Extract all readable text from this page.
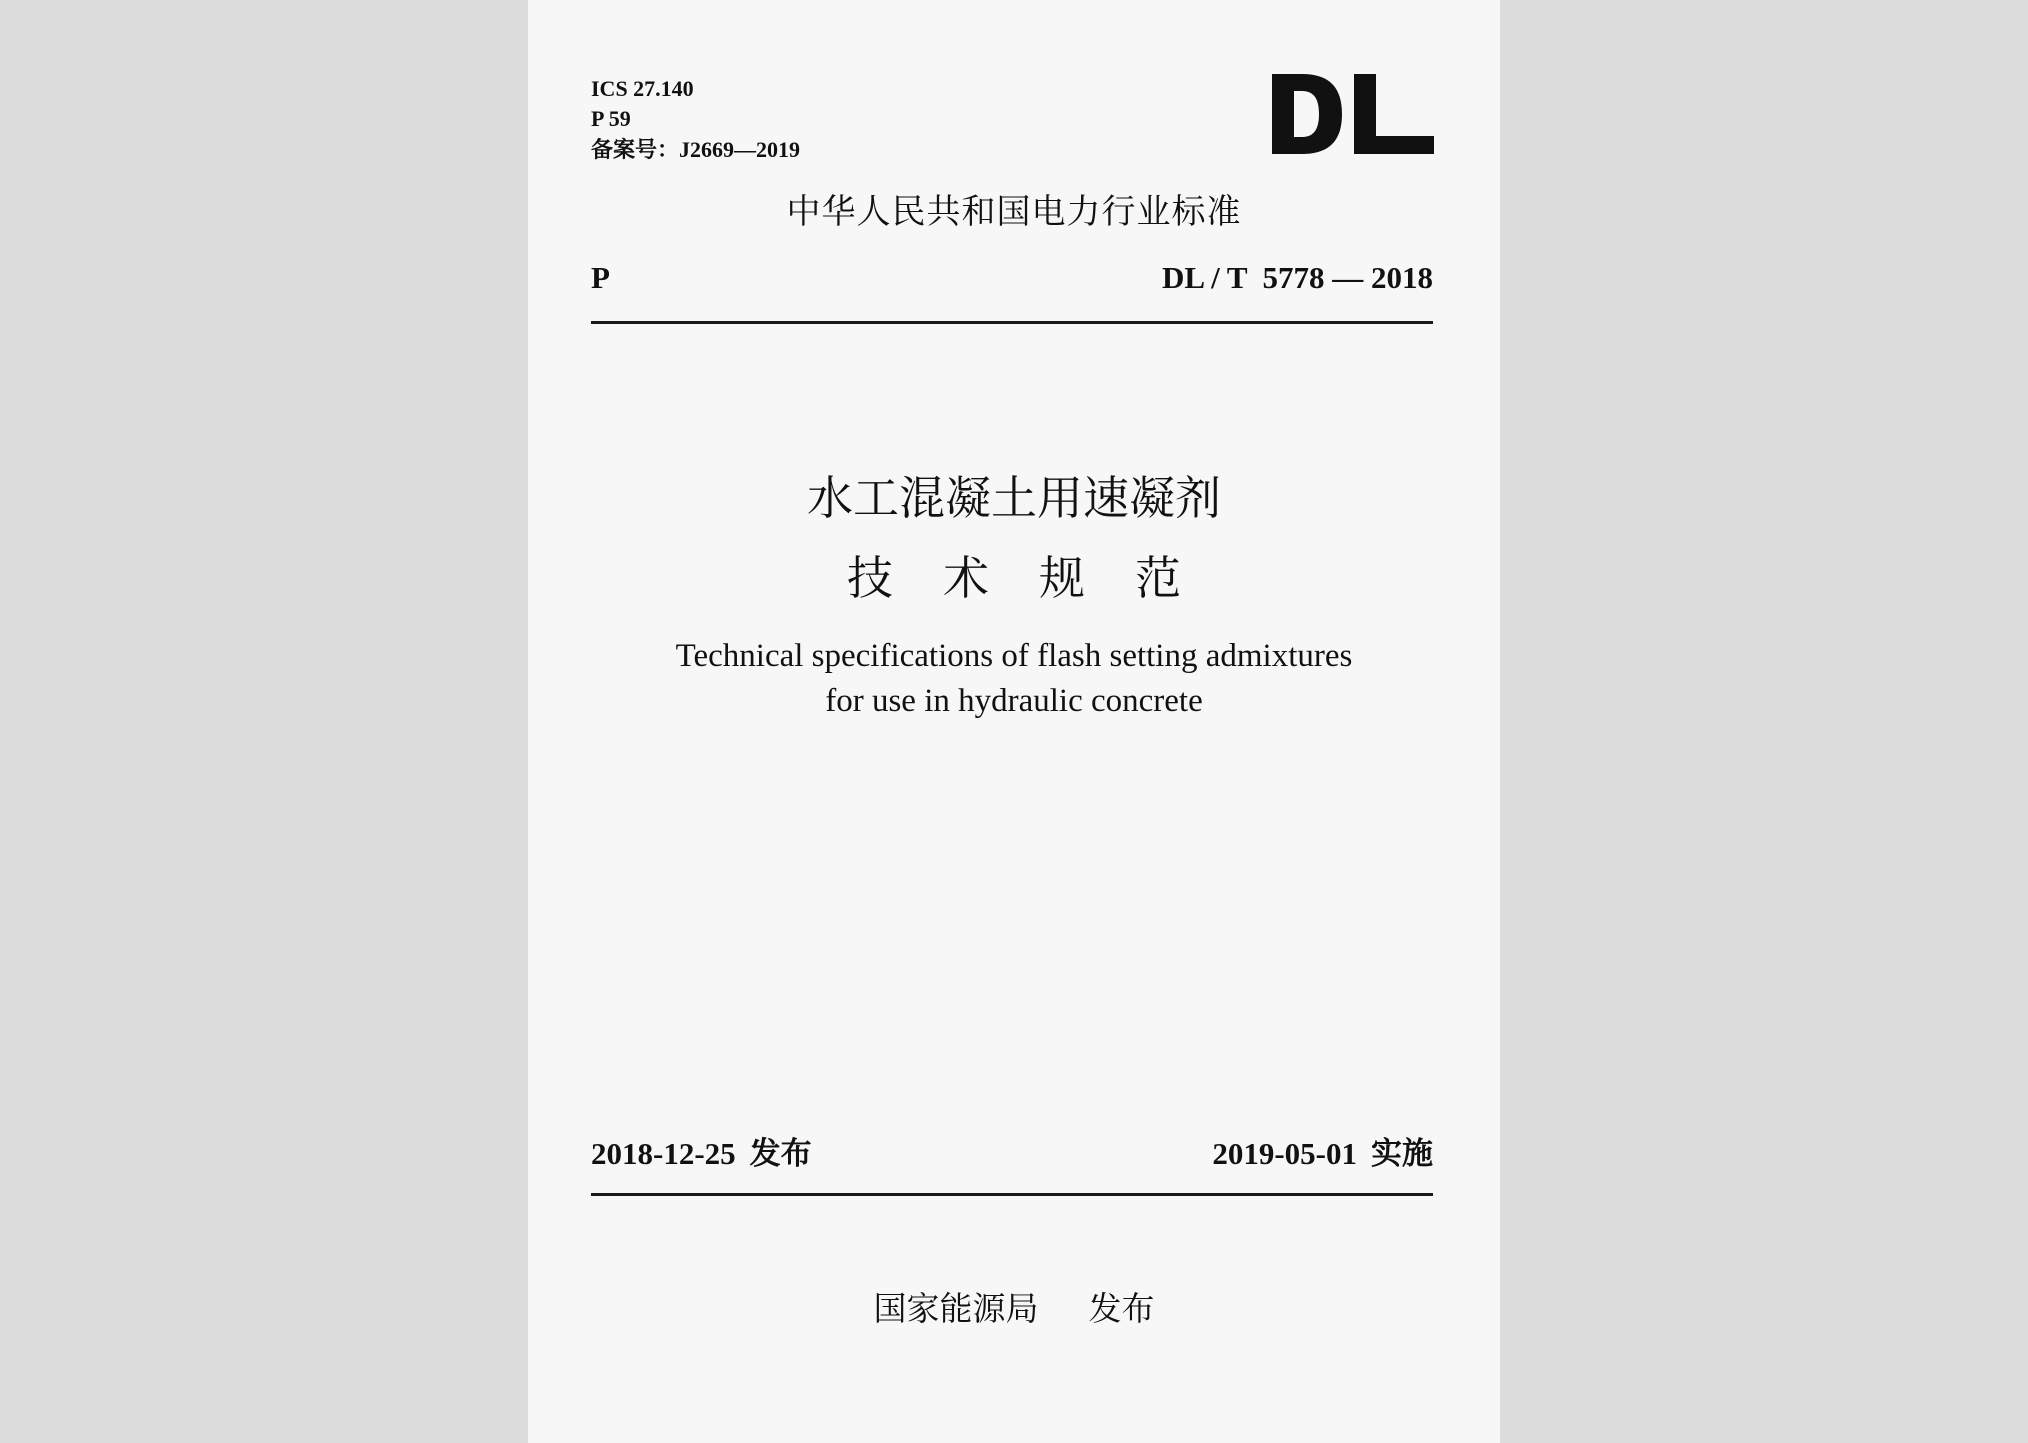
ICS 27.140
P 59
备案号：J2669—2019
中华人民共和国电力行业标准
P	DL / T  5778 — 2018
水工混凝土用速凝剂
技术规范
Technical specifications of flash setting admixtures
for use in hydraulic concrete
2018-12-25 发布	2019-05-01 实施
国家能源局 发布
